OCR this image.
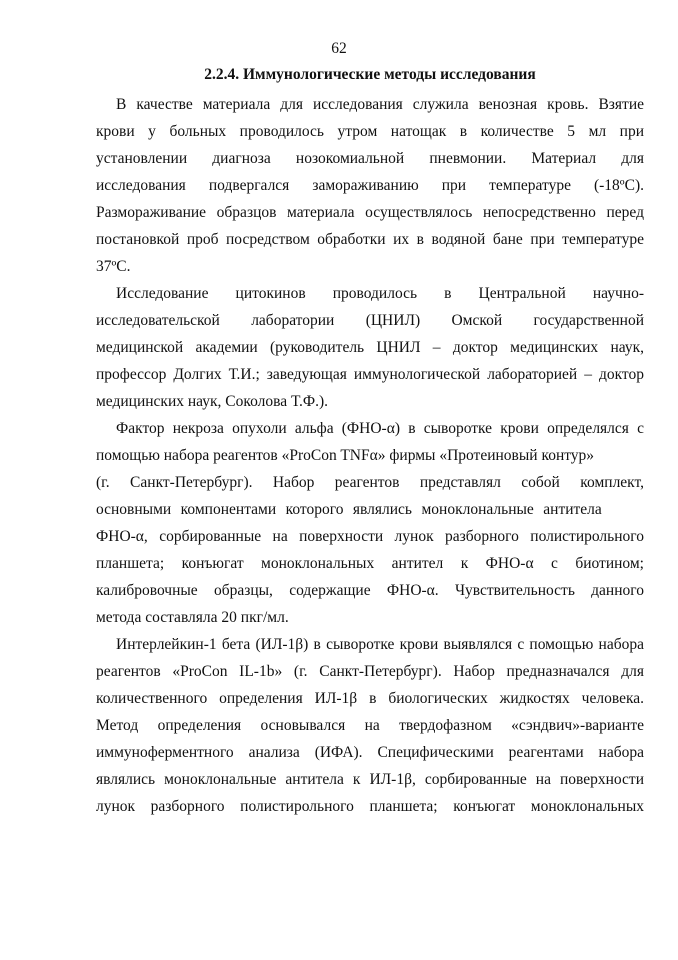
62
2.2.4. Иммунологические методы исследования
В качестве материала для исследования служила венозная кровь. Взятие
крови у больных проводилось утром натощак в количестве 5 мл при
установлении диагноза нозокомиальной пневмонии. Материал для
исследования подвергался замораживанию при температуре (-18ºС).
Размораживание образцов материала осуществлялось непосредственно перед
постановкой проб посредством обработки их в водяной бане при температуре
37ºС.
Исследование цитокинов проводилось в Центральной научно-
исследовательской лаборатории (ЦНИЛ) Омской государственной
медицинской академии (руководитель ЦНИЛ – доктор медицинских наук,
профессор Долгих Т.И.; заведующая иммунологической лабораторией – доктор
медицинских наук, Соколова Т.Ф.).
Фактор некроза опухоли альфа (ФНО-α) в сыворотке крови определялся с
помощью набора реагентов «ProCon TNFα» фирмы «Протеиновый контур»
(г. Санкт-Петербург). Набор реагентов представлял собой комплект,
основными компонентами которого являлись моноклональные антитела
ФНО-α, сорбированные на поверхности лунок разборного полистирольного
планшета; конъюгат моноклональных антител к ФНО-α с биотином;
калибровочные образцы, содержащие ФНО-α. Чувствительность данного
метода составляла 20 пкг/мл.
Интерлейкин-1 бета (ИЛ-1β) в сыворотке крови выявлялся с помощью набора
реагентов «ProCon IL-1b» (г. Санкт-Петербург). Набор предназначался для
количественного определения ИЛ-1β в биологических жидкостях человека.
Метод определения основывался на твердофазном «сэндвич»-варианте
иммуноферментного анализа (ИФА). Специфическими реагентами набора
являлись моноклональные антитела к ИЛ-1β, сорбированные на поверхности
лунок разборного полистирольного планшета; конъюгат моноклональных
